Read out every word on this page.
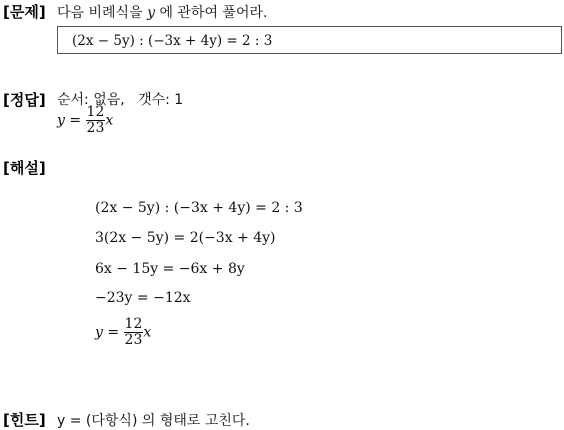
[문제] 다음 비례식을 y 에 관하여 풀어라.
(2x − 5y) : (−3x + 4y) = 2 : 3
[정답] 순서: 없음, 갯수: 1
$y = \frac{12}{23}$ x
[해설]
(2x − 5y) : (−3x + 4y) = 2 : 3
3(2x − 5y) = 2(−3x + 4y)
6x − 15y = −6x + 8y
−23y = −12x
$y = \frac{12}{23}$ x
[힌트] y = (다항식) 의 형태로 고친다.
